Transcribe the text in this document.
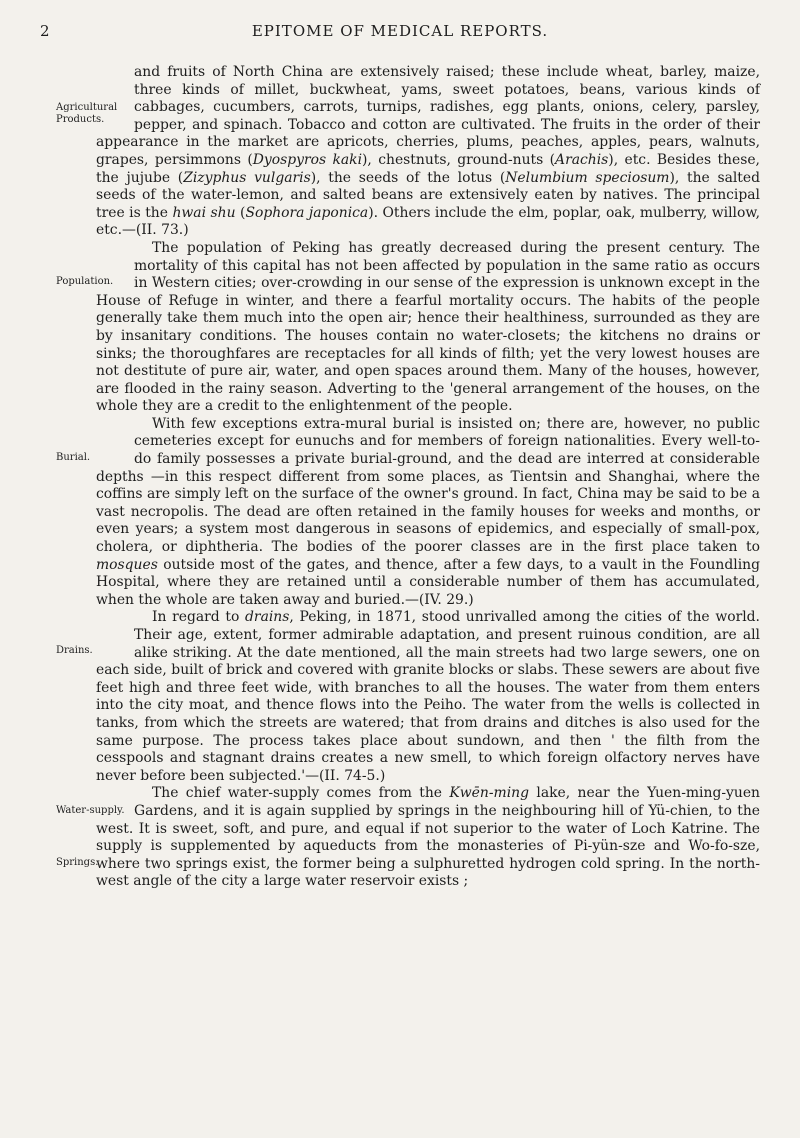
2	EPITOME OF MEDICAL REPORTS.

Agricultural Products.
and fruits of North China are extensively raised; these include wheat, barley, maize, three kinds of millet, buckwheat, yams, sweet potatoes, beans, various kinds of cabbages, cucumbers, carrots, turnips, radishes, egg plants, onions, celery, parsley, pepper, and spinach. Tobacco and cotton are cultivated. The fruits in the order of their appearance in the market are apricots, cherries, plums, peaches, apples, pears, walnuts, grapes, persimmons (Dyospyros kaki), chestnuts, ground-nuts (Arachis), etc. Besides these, the jujube (Zizyphus vulgaris), the seeds of the lotus (Nelumbium speciosum), the salted seeds of the water-lemon, and salted beans are extensively eaten by natives. The principal tree is the hwai shu (Sophora japonica). Others include the elm, poplar, oak, mulberry, willow, etc.—(II. 73.)

Population.
The population of Peking has greatly decreased during the present century. The mortality of this capital has not been affected by population in the same ratio as occurs in Western cities; over-crowding in our sense of the expression is unknown except in the House of Refuge in winter, and there a fearful mortality occurs. The habits of the people generally take them much into the open air; hence their healthiness, surrounded as they are by insanitary conditions. The houses contain no water-closets; the kitchens no drains or sinks; the thoroughfares are receptacles for all kinds of filth; yet the very lowest houses are not destitute of pure air, water, and open spaces around them. Many of the houses, however, are flooded in the rainy season. Adverting to the 'general arrangement of the houses, on the whole they are a credit to the enlightenment of the people.

Burial.
With few exceptions extra-mural burial is insisted on; there are, however, no public cemeteries except for eunuchs and for members of foreign nationalities. Every well-to-do family possesses a private burial-ground, and the dead are interred at considerable depths —in this respect different from some places, as Tientsin and Shanghai, where the coffins are simply left on the surface of the owner's ground. In fact, China may be said to be a vast necropolis. The dead are often retained in the family houses for weeks and months, or even years; a system most dangerous in seasons of epidemics, and especially of small-pox, cholera, or diphtheria. The bodies of the poorer classes are in the first place taken to mosques outside most of the gates, and thence, after a few days, to a vault in the Foundling Hospital, where they are retained until a considerable number of them has accumulated, when the whole are taken away and buried.—(IV. 29.)

Drains.
In regard to drains, Peking, in 1871, stood unrivalled among the cities of the world. Their age, extent, former admirable adaptation, and present ruinous condition, are all alike striking. At the date mentioned, all the main streets had two large sewers, one on each side, built of brick and covered with granite blocks or slabs. These sewers are about five feet high and three feet wide, with branches to all the houses. The water from them enters into the city moat, and thence flows into the Peiho. The water from the wells is collected in tanks, from which the streets are watered; that from drains and ditches is also used for the same purpose. The process takes place about sundown, and then ' the filth from the cesspools and stagnant drains creates a new smell, to which foreign olfactory nerves have never before been subjected.'—(II. 74-5.)

Water-supply.
The chief water-supply comes from the Kwēn-ming lake, near the Yuen-ming-yuen Gardens, and it is again supplied by springs in the neighbouring hill of Yü-chien, to the west. It is sweet, soft, and pure, and equal if not superior to the water of Loch Katrine. The supply is supplemented by aqueducts from the monasteries of Pi-yün-sze and Wo-fo-sze, where two springs exist, the former being a sulphuretted hydrogen cold spring. In the north-west angle of the city a large water reservoir exists ;
Springs.
